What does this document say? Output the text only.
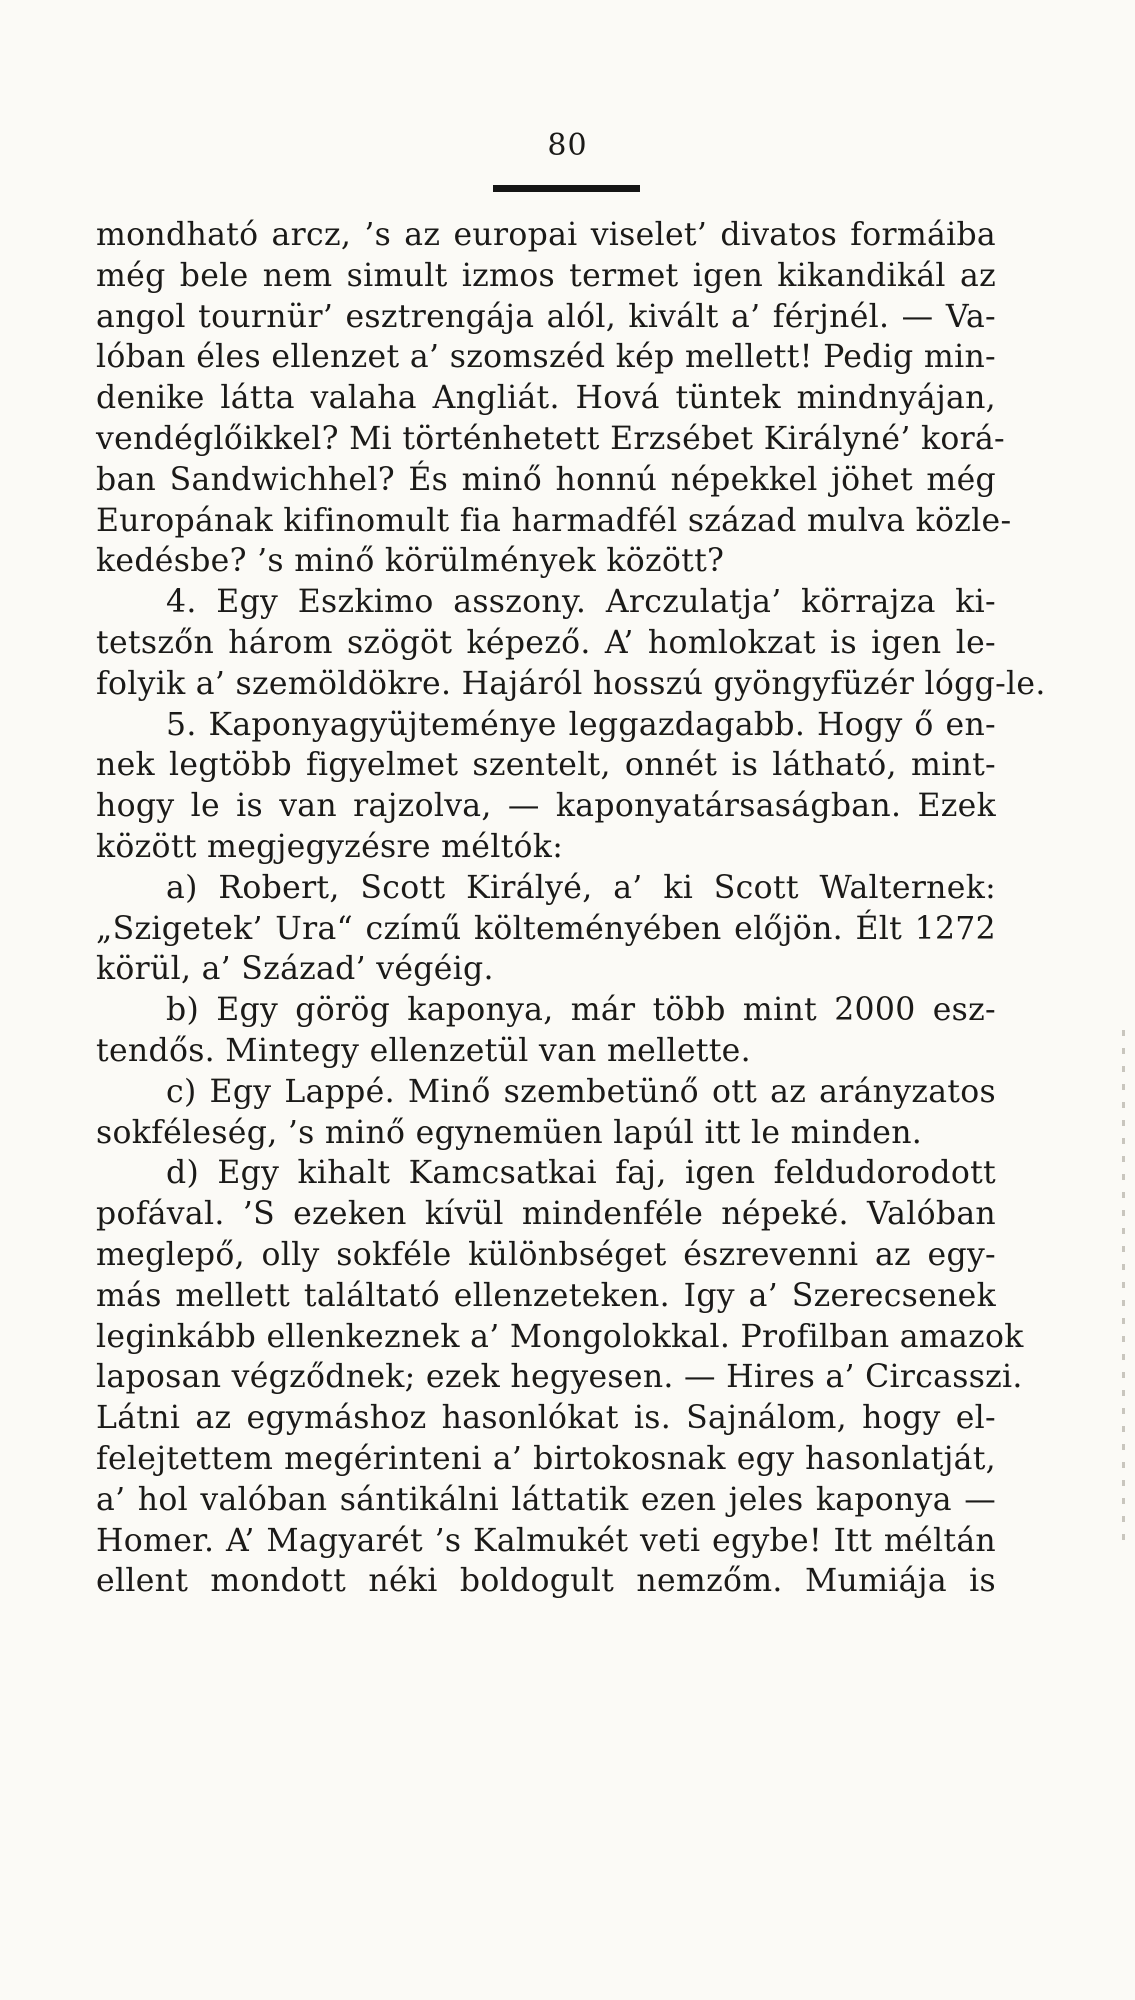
80
mondható arcz, ’s az europai viselet’ divatos formáiba
még bele nem simult izmos termet igen kikandikál az
angol tournür’ esztrengája alól, kivált a’ férjnél. — Va-
lóban éles ellenzet a’ szomszéd kép mellett! Pedig min-
denike látta valaha Angliát. Hová tüntek mindnyájan,
vendéglőikkel? Mi történhetett Erzsébet Királyné’ korá-
ban Sandwichhel? És minő honnú népekkel jöhet még
Europának kifinomult fia harmadfél század mulva közle-
kedésbe? ’s minő körülmények között?
4. Egy Eszkimo asszony. Arczulatja’ körrajza ki-
tetszőn három szögöt képező. A’ homlokzat is igen le-
folyik a’ szemöldökre. Hajáról hosszú gyöngyfüzér lógg-le.
5. Kaponyagyüjteménye leggazdagabb. Hogy ő en-
nek legtöbb figyelmet szentelt, onnét is látható, mint-
hogy le is van rajzolva, — kaponyatársaságban. Ezek
között megjegyzésre méltók:
a) Robert, Scott Királyé, a’ ki Scott Walternek:
„Szigetek’ Ura“ czímű költeményében előjön. Élt 1272
körül, a’ Század’ végéig.
b) Egy görög kaponya, már több mint 2000 esz-
tendős. Mintegy ellenzetül van mellette.
c) Egy Lappé. Minő szembetünő ott az arányzatos
sokféleség, ’s minő egynemüen lapúl itt le minden.
d) Egy kihalt Kamcsatkai faj, igen feldudorodott
pofával. ’S ezeken kívül mindenféle népeké. Valóban
meglepő, olly sokféle különbséget észrevenni az egy-
más mellett találtató ellenzeteken. Igy a’ Szerecsenek
leginkább ellenkeznek a’ Mongolokkal. Profilban amazok
laposan végződnek; ezek hegyesen. — Hires a’ Circasszi.
Látni az egymáshoz hasonlókat is. Sajnálom, hogy el-
felejtettem megérinteni a’ birtokosnak egy hasonlatját,
a’ hol valóban sántikálni láttatik ezen jeles kaponya —
Homer. A’ Magyarét ’s Kalmukét veti egybe! Itt méltán
ellent mondott néki boldogult nemzőm. Mumiája is
